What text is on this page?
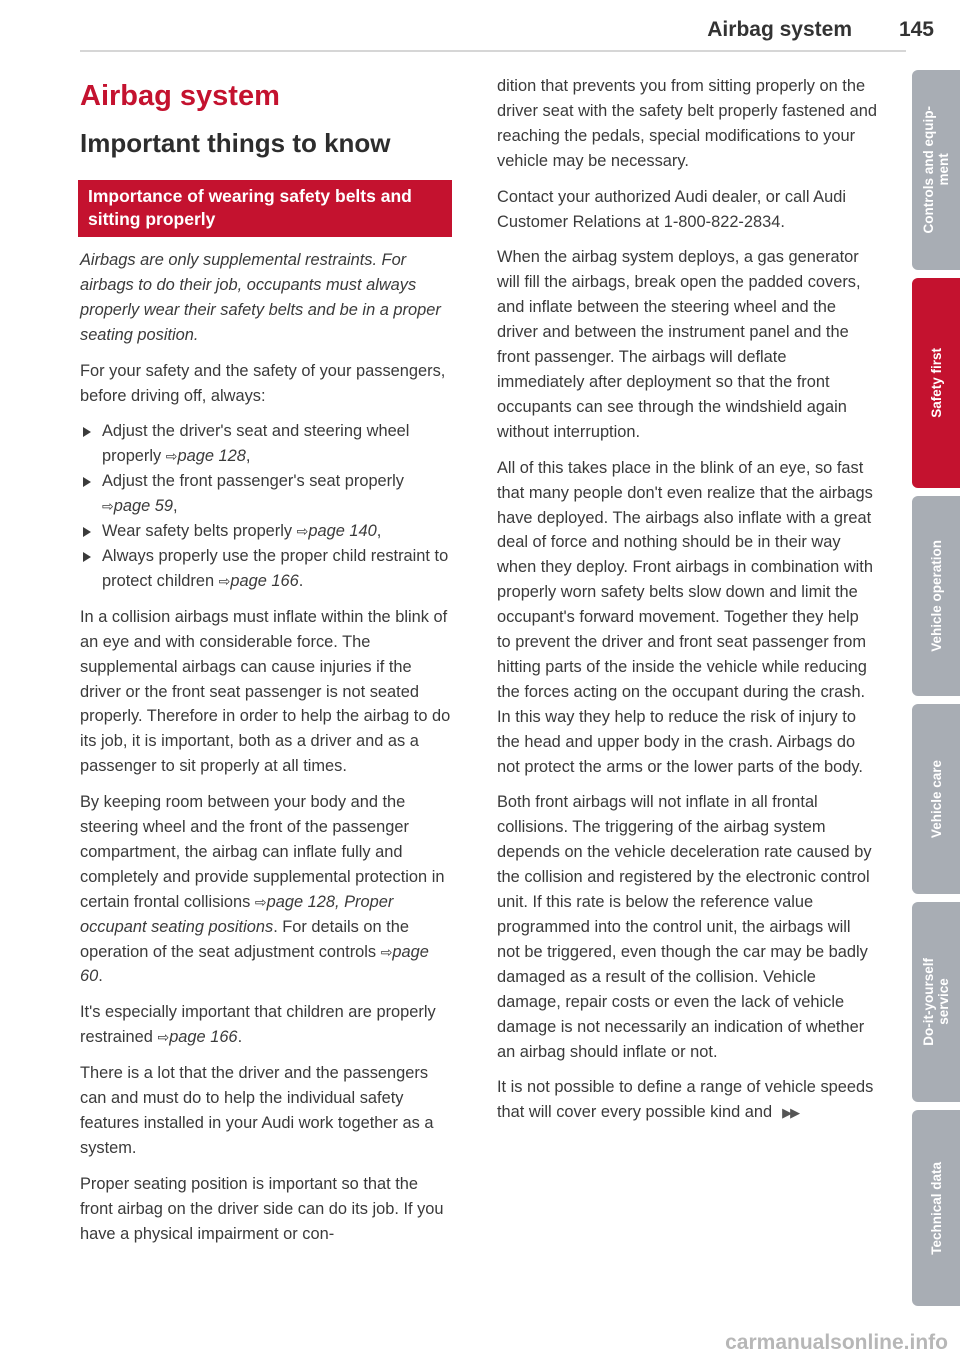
Airbag system 145
Airbag system
Important things to know
Importance of wearing safety belts and sitting properly

Airbags are only supplemental restraints. For airbags to do their job, occupants must always properly wear their safety belts and be in a proper seating position.

For your safety and the safety of your passengers, before driving off, always:

Adjust the driver's seat and steering wheel properly ⇨page 128,
Adjust the front passenger's seat properly ⇨page 59,
Wear safety belts properly ⇨page 140,
Always properly use the proper child restraint to protect children ⇨page 166.

In a collision airbags must inflate within the blink of an eye and with considerable force. The supplemental airbags can cause injuries if the driver or the front seat passenger is not seated properly. Therefore in order to help the airbag to do its job, it is important, both as a driver and as a passenger to sit properly at all times.

By keeping room between your body and the steering wheel and the front of the passenger compartment, the airbag can inflate fully and completely and provide supplemental protection in certain frontal collisions ⇨page 128, Proper occupant seating positions. For details on the operation of the seat adjustment controls ⇨page 60.

It's especially important that children are properly restrained ⇨page 166.

There is a lot that the driver and the passengers can and must do to help the individual safety features installed in your Audi work together as a system.

Proper seating position is important so that the front airbag on the driver side can do its job. If you have a physical impairment or con-

dition that prevents you from sitting properly on the driver seat with the safety belt properly fastened and reaching the pedals, special modifications to your vehicle may be necessary.

Contact your authorized Audi dealer, or call Audi Customer Relations at 1-800-822-2834.

When the airbag system deploys, a gas generator will fill the airbags, break open the padded covers, and inflate between the steering wheel and the driver and between the instrument panel and the front passenger. The airbags will deflate immediately after deployment so that the front occupants can see through the windshield again without interruption.

All of this takes place in the blink of an eye, so fast that many people don't even realize that the airbags have deployed. The airbags also inflate with a great deal of force and nothing should be in their way when they deploy. Front airbags in combination with properly worn safety belts slow down and limit the occupant's forward movement. Together they help to prevent the driver and front seat passenger from hitting parts of the inside the vehicle while reducing the forces acting on the occupant during the crash. In this way they help to reduce the risk of injury to the head and upper body in the crash. Airbags do not protect the arms or the lower parts of the body.

Both front airbags will not inflate in all frontal collisions. The triggering of the airbag system depends on the vehicle deceleration rate caused by the collision and registered by the electronic control unit. If this rate is below the reference value programmed into the control unit, the airbags will not be triggered, even though the car may be badly damaged as a result of the collision. Vehicle damage, repair costs or even the lack of vehicle damage is not necessarily an indication of whether an airbag should inflate or not.

It is not possible to define a range of vehicle speeds that will cover every possible kind and ▶▶

Controls and equip-
ment
Safety first
Vehicle operation
Vehicle care
Do-it-yourself
service
Technical data
carmanualsonline.info
